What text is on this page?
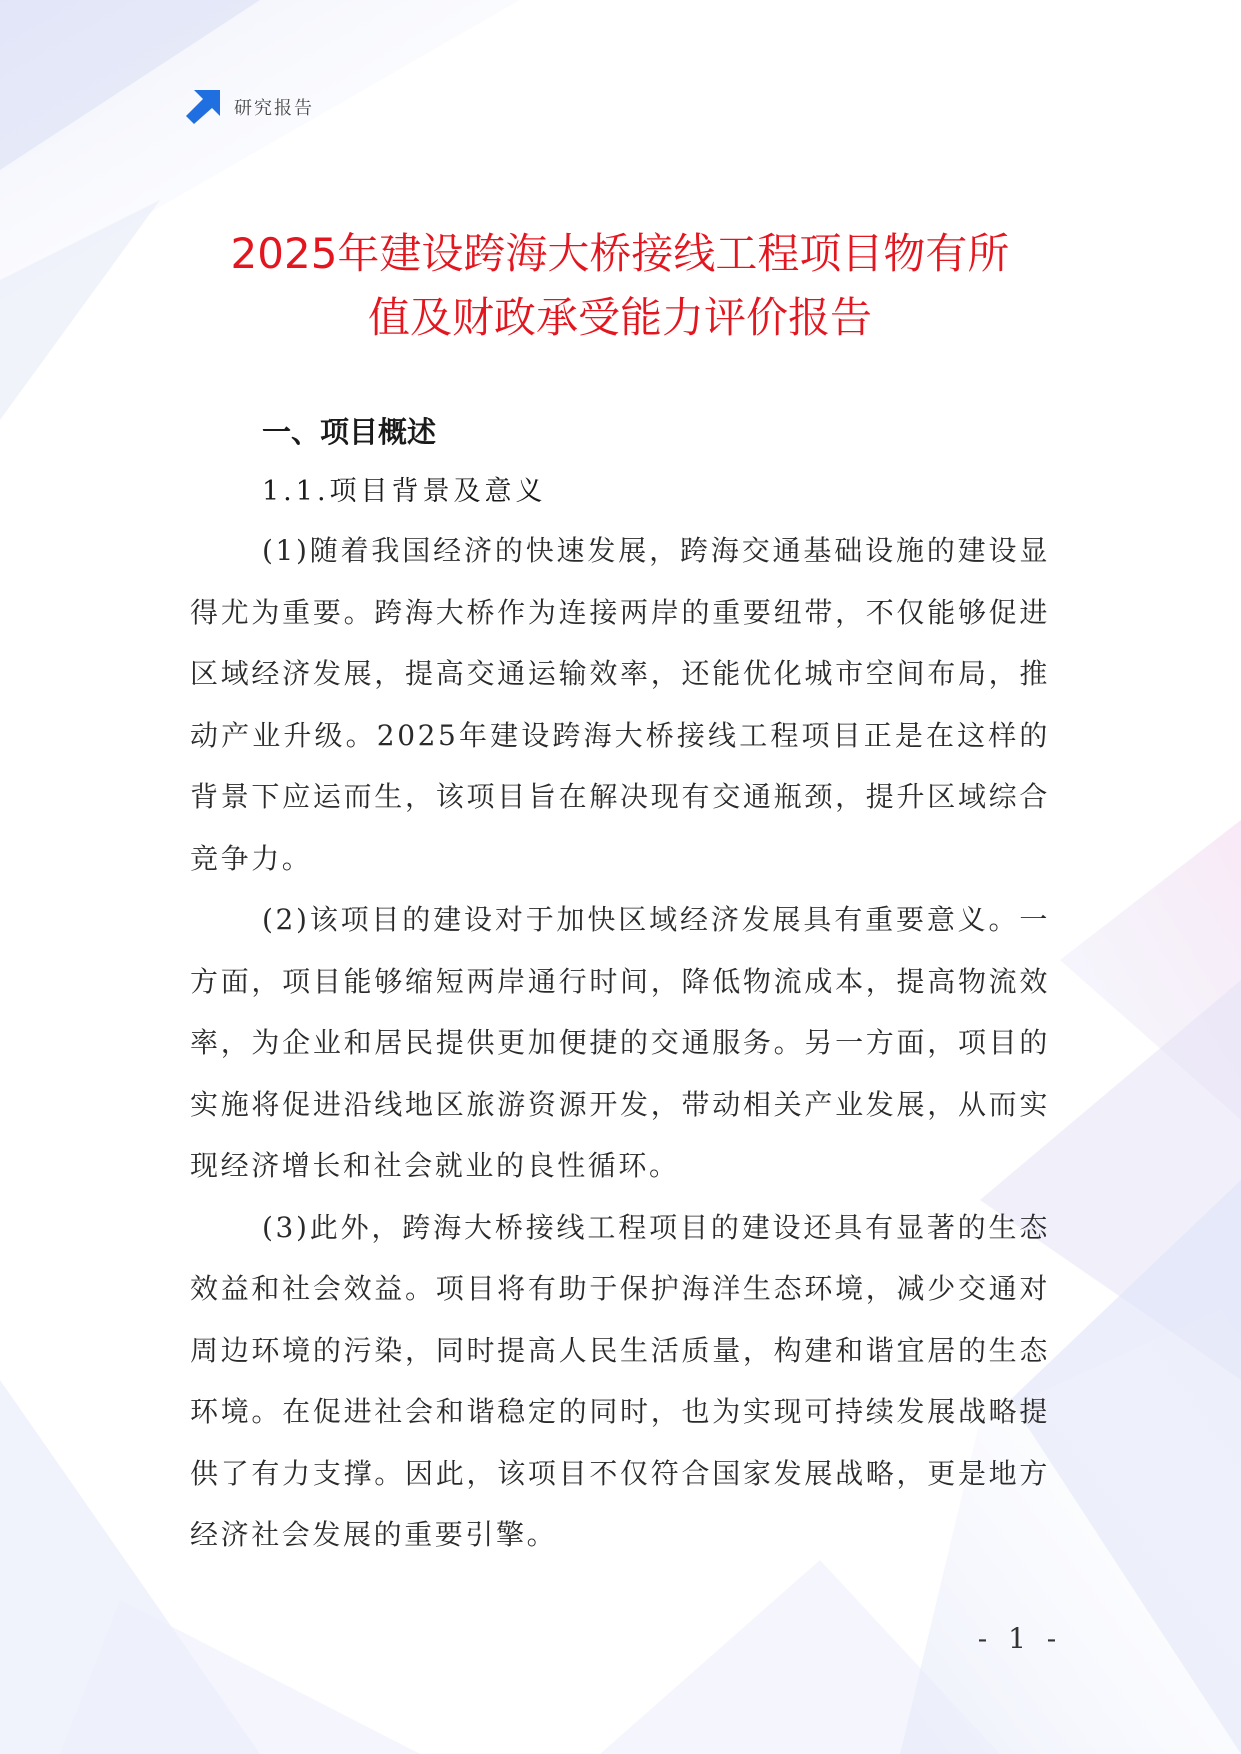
研究报告
2025年建设跨海大桥接线工程项目物有所
值及财政承受能力评价报告
一、项目概述
1.1.项目背景及意义

(1)随着我国经济的快速发展，跨海交通基础设施的建设显得尤为重要。跨海大桥作为连接两岸的重要纽带，不仅能够促进区域经济发展，提高交通运输效率，还能优化城市空间布局，推动产业升级。2025年建设跨海大桥接线工程项目正是在这样的背景下应运而生，该项目旨在解决现有交通瓶颈，提升区域综合竞争力。

(2)该项目的建设对于加快区域经济发展具有重要意义。一方面，项目能够缩短两岸通行时间，降低物流成本，提高物流效率，为企业和居民提供更加便捷的交通服务。另一方面，项目的实施将促进沿线地区旅游资源开发，带动相关产业发展，从而实现经济增长和社会就业的良性循环。

(3)此外，跨海大桥接线工程项目的建设还具有显著的生态效益和社会效益。项目将有助于保护海洋生态环境，减少交通对周边环境的污染，同时提高人民生活质量，构建和谐宜居的生态环境。在促进社会和谐稳定的同时，也为实现可持续发展战略提供了有力支撑。因此，该项目不仅符合国家发展战略，更是地方经济社会发展的重要引擎。

- 1 -
